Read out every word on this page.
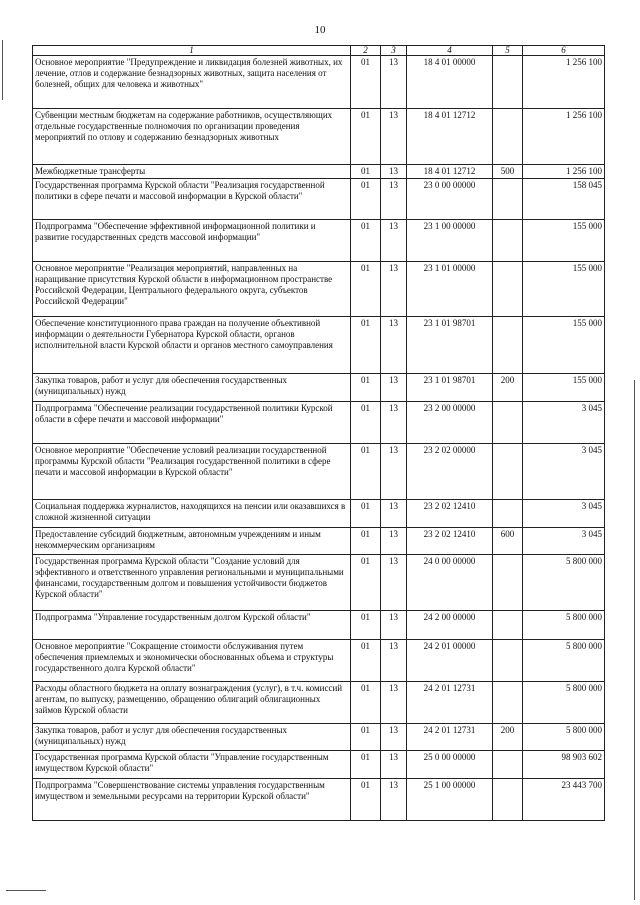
10
1	2	3	4	5	6
Основное мероприятие "Предупреждение и ликвидация болезней животных, их лечение, отлов и содержание безнадзорных животных, защита населения от болезней, общих для человека и животных"	01	13	18 4 01 00000		1 256 100
Субвенции местным бюджетам на содержание работников, осуществляющих отдельные государственные полномочия по организации проведения мероприятий по отлову и содержанию безнадзорных животных	01	13	18 4 01 12712		1 256 100
Межбюджетные трансферты	01	13	18 4 01 12712	500	1 256 100
Государственная программа Курской области "Реализация государственной политики в сфере печати и массовой информации в Курской области"	01	13	23 0 00 00000		158 045
Подпрограмма "Обеспечение эффективной информационной политики и развитие государственных средств массовой информации"	01	13	23 1 00 00000		155 000
Основное мероприятие "Реализация мероприятий, направленных на наращивание присутствия Курской области в информационном пространстве Российской Федерации, Центрального федерального округа, субъектов Российской Федерации"	01	13	23 1 01 00000		155 000
Обеспечение конституционного права граждан на получение объективной информации о деятельности Губернатора Курской области, органов исполнительной власти Курской области и органов местного самоуправления	01	13	23 1 01 98701		155 000
Закупка товаров, работ и услуг для обеспечения государственных (муниципальных) нужд	01	13	23 1 01 98701	200	155 000
Подпрограмма "Обеспечение реализации государственной политики Курской области в сфере печати и массовой информации"	01	13	23 2 00 00000		3 045
Основное мероприятие "Обеспечение условий реализации государственной программы Курской области "Реализация государственной политики в сфере печати и массовой информации в Курской области"	01	13	23 2 02 00000		3 045
Социальная поддержка журналистов, находящихся на пенсии или оказавшихся в сложной жизненной ситуации	01	13	23 2 02 12410		3 045
Предоставление субсидий бюджетным, автономным учреждениям и иным некоммерческим организациям	01	13	23 2 02 12410	600	3 045
Государственная программа Курской области "Создание условий для эффективного и ответственного управления региональными и муниципальными финансами, государственным долгом и повышения устойчивости бюджетов Курской области"	01	13	24 0 00 00000		5 800 000
Подпрограмма "Управление государственным долгом Курской области"	01	13	24 2 00 00000		5 800 000
Основное мероприятие "Сокращение стоимости обслуживания путем обеспечения приемлемых и экономически обоснованных объема и структуры государственного долга Курской области"	01	13	24 2 01 00000		5 800 000
Расходы областного бюджета на оплату вознаграждения (услуг), в т.ч. комиссий агентам, по выпуску, размещению, обращению облигаций облигационных займов Курской области	01	13	24 2 01 12731		5 800 000
Закупка товаров, работ и услуг для обеспечения государственных (муниципальных) нужд	01	13	24 2 01 12731	200	5 800 000
Государственная программа Курской области "Управление государственным имуществом Курской области"	01	13	25 0 00 00000		98 903 602
Подпрограмма "Совершенствование системы управления государственным имуществом и земельными ресурсами на территории Курской области"	01	13	25 1 00 00000		23 443 700
